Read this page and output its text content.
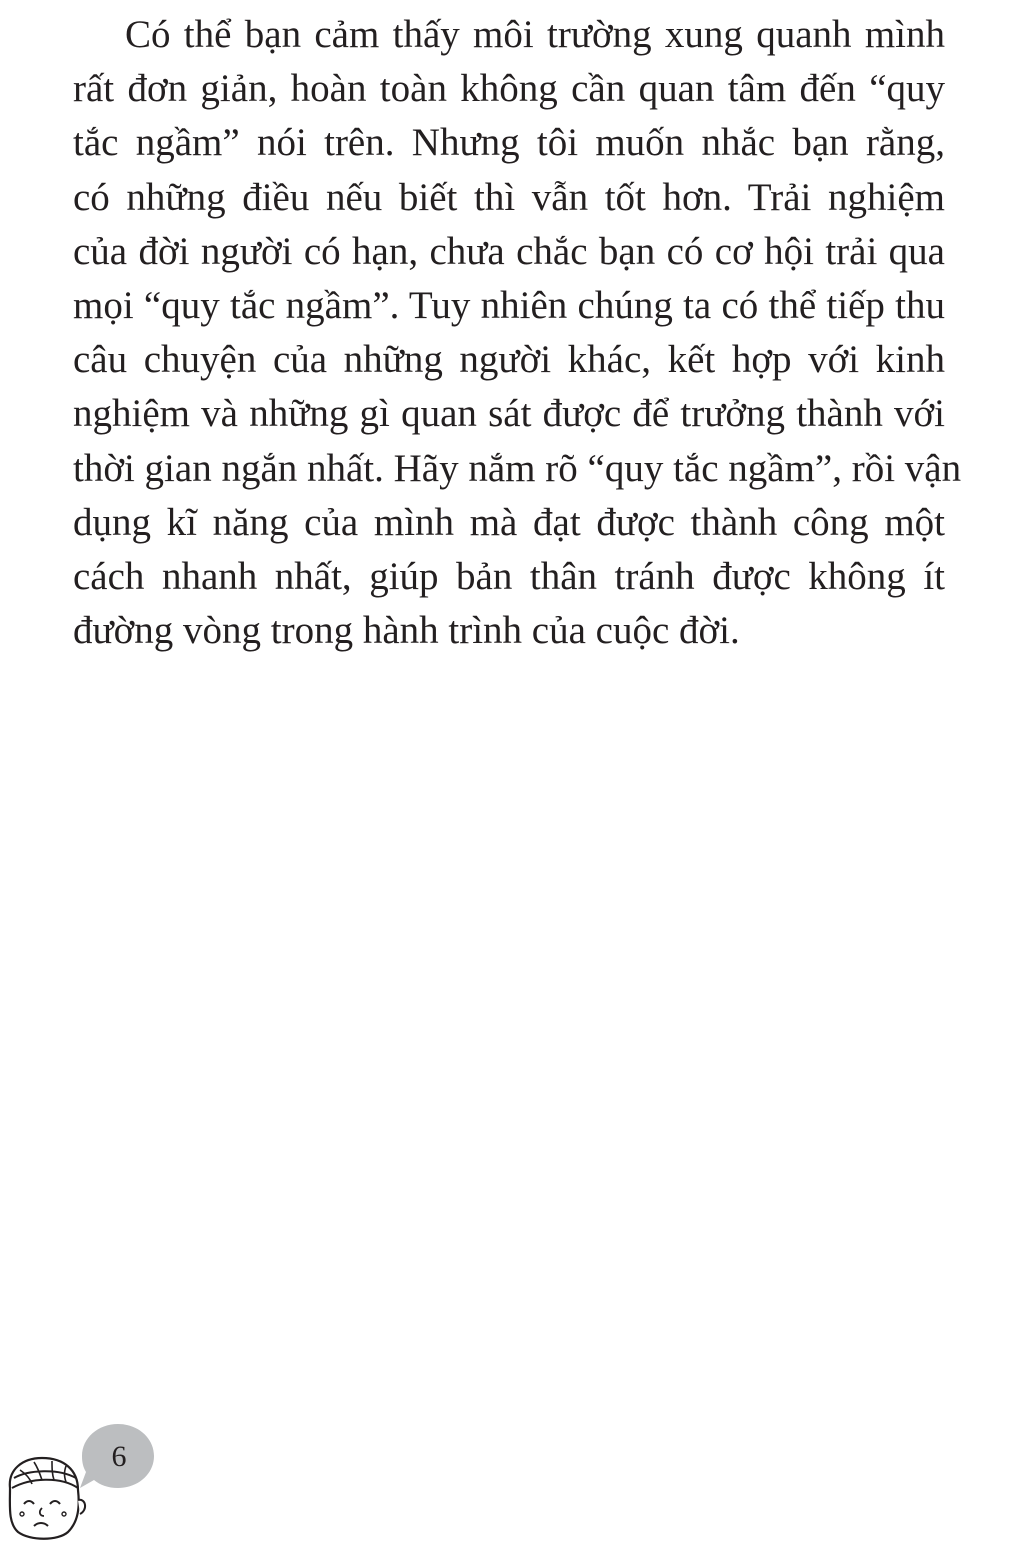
Có thể bạn cảm thấy môi trường xung quanh mình
rất đơn giản, hoàn toàn không cần quan tâm đến “quy
tắc ngầm” nói trên. Nhưng tôi muốn nhắc bạn rằng,
có những điều nếu biết thì vẫn tốt hơn. Trải nghiệm
của đời người có hạn, chưa chắc bạn có cơ hội trải qua
mọi “quy tắc ngầm”. Tuy nhiên chúng ta có thể tiếp thu
câu chuyện của những người khác, kết hợp với kinh
nghiệm và những gì quan sát được để trưởng thành với
thời gian ngắn nhất. Hãy nắm rõ “quy tắc ngầm”, rồi vận
dụng kĩ năng của mình mà đạt được thành công một
cách nhanh nhất, giúp bản thân tránh được không ít
đường vòng trong hành trình của cuộc đời.
6
